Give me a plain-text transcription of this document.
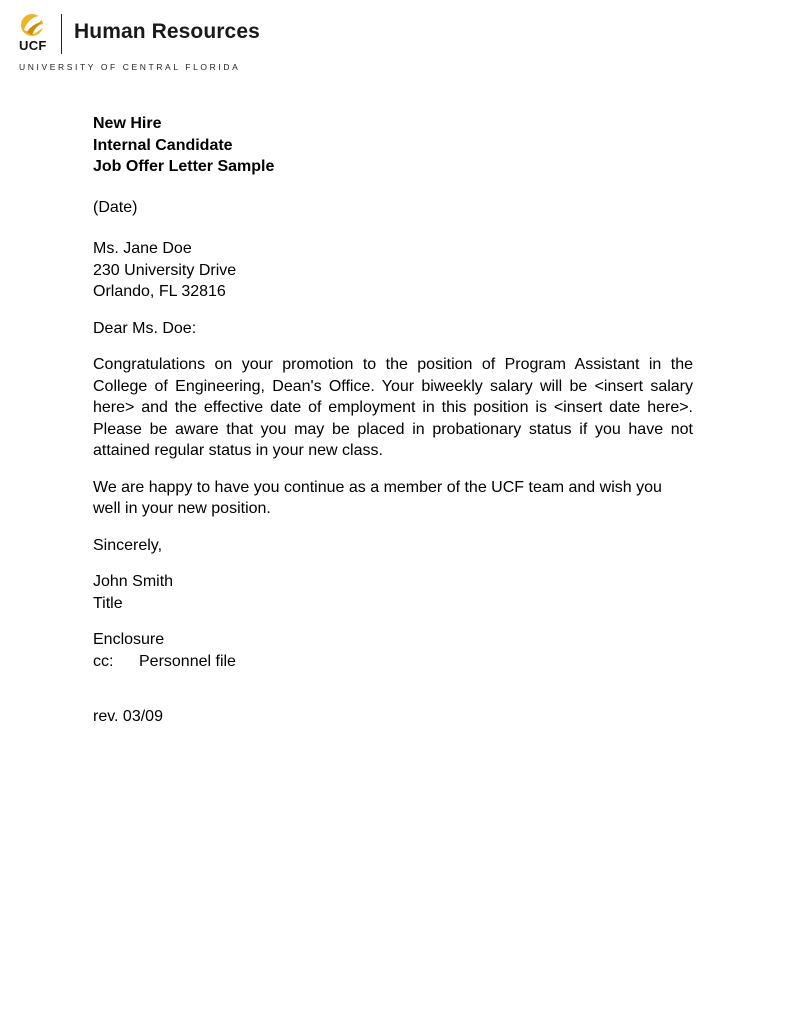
UCF
Human Resources
UNIVERSITY OF CENTRAL FLORIDA

New Hire

Internal Candidate

Job Offer Letter Sample

(Date)

Ms. Jane Doe

230 University Drive

Orlando, FL 32816

Dear Ms. Doe:

Congratulations on your promotion to the position of Program Assistant in the College of Engineering, Dean's Office. Your biweekly salary will be <insert salary here> and the effective date of employment in this position is <insert date here>. Please be aware that you may be placed in probationary status if you have not attained regular status in your new class.

We are happy to have you continue as a member of the UCF team and wish you well in your new position.

Sincerely,

John Smith

Title

Enclosure

cc: Personnel file

rev. 03/09
